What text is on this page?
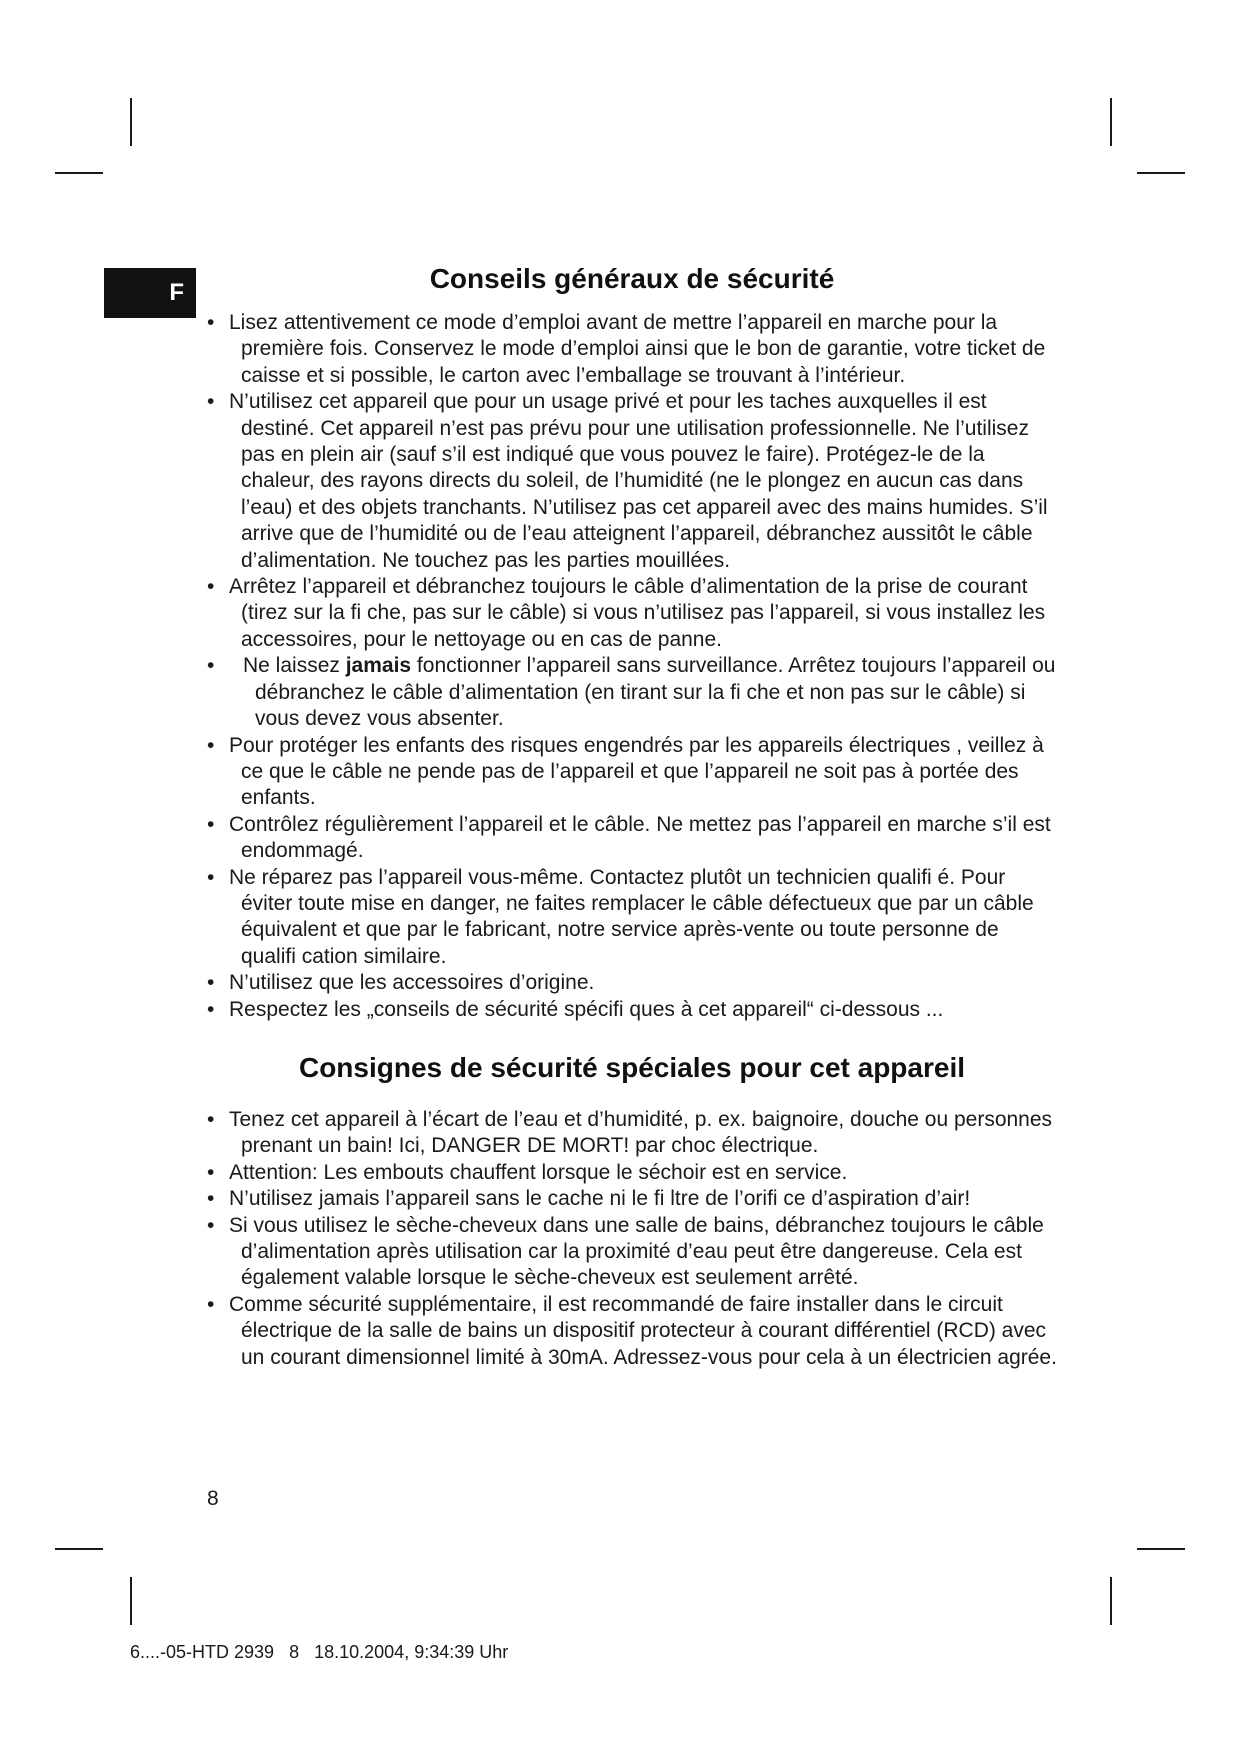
F	Conseils généraux de sécurité
• Lisez attentivement ce mode d’emploi avant de mettre l’appareil en marche pour la première fois. Conservez le mode d’emploi ainsi que le bon de garantie, votre ticket de caisse et si possible, le carton avec l’emballage se trouvant à l’intérieur.
• N’utilisez cet appareil que pour un usage privé et pour les taches auxquelles il est destiné. Cet appareil n’est pas prévu pour une utilisation professionnelle. Ne l’utilisez pas en plein air (sauf s’il est indiqué que vous pouvez le faire). Protégez-le de la chaleur, des rayons directs du soleil, de l’humidité (ne le plongez en aucun cas dans l’eau) et des objets tranchants. N’utilisez pas cet appareil avec des mains humides. S’il arrive que de l’humidité ou de l’eau atteignent l’appareil, débranchez aussitôt le câble d’alimentation. Ne touchez pas les parties mouillées.
• Arrêtez l’appareil et débranchez toujours le câble d’alimentation de la prise de courant (tirez sur la fi che, pas sur le câble) si vous n’utilisez pas l’appareil, si vous installez les accessoires, pour le nettoyage ou en cas de panne.
• Ne laissez jamais fonctionner l’appareil sans surveillance. Arrêtez toujours l’appareil ou débranchez le câble d’alimentation (en tirant sur la fi che et non pas sur le câble) si vous devez vous absenter.
• Pour protéger les enfants des risques engendrés par les appareils électriques , veillez à ce que le câble ne pende pas de l’appareil et que l’appareil ne soit pas à portée des enfants.
• Contrôlez régulièrement l’appareil et le câble. Ne mettez pas l’appareil en marche s’il est endommagé.
• Ne réparez pas l’appareil vous-même. Contactez plutôt un technicien qualifi é. Pour éviter toute mise en danger, ne faites remplacer le câble défectueux que par un câble équivalent et que par le fabricant, notre service après-vente ou toute personne de qualifi cation similaire.
• N’utilisez que les accessoires d’origine.
• Respectez les „conseils de sécurité spécifi ques à cet appareil“ ci-dessous ...
Consignes de sécurité spéciales pour cet appareil
• Tenez cet appareil à l’écart de l’eau et d’humidité, p. ex. baignoire, douche ou personnes prenant un bain! Ici, DANGER DE MORT! par choc électrique.
• Attention: Les embouts chauffent lorsque le séchoir est en service.
• N’utilisez jamais l’appareil sans le cache ni le fi ltre de l’orifi ce d’aspiration d’air!
• Si vous utilisez le sèche-cheveux dans une salle de bains, débranchez toujours le câble d’alimentation après utilisation car la proximité d’eau peut être dangereuse. Cela est également valable lorsque le sèche-cheveux est seulement arrêté.
• Comme sécurité supplémentaire, il est recommandé de faire installer dans le circuit électrique de la salle de bains un dispositif protecteur à courant différentiel (RCD) avec un courant dimensionnel limité à 30mA. Adressez-vous pour cela à un électricien agrée.
8
6....-05-HTD 2939 8 18.10.2004, 9:34:39 Uhr
